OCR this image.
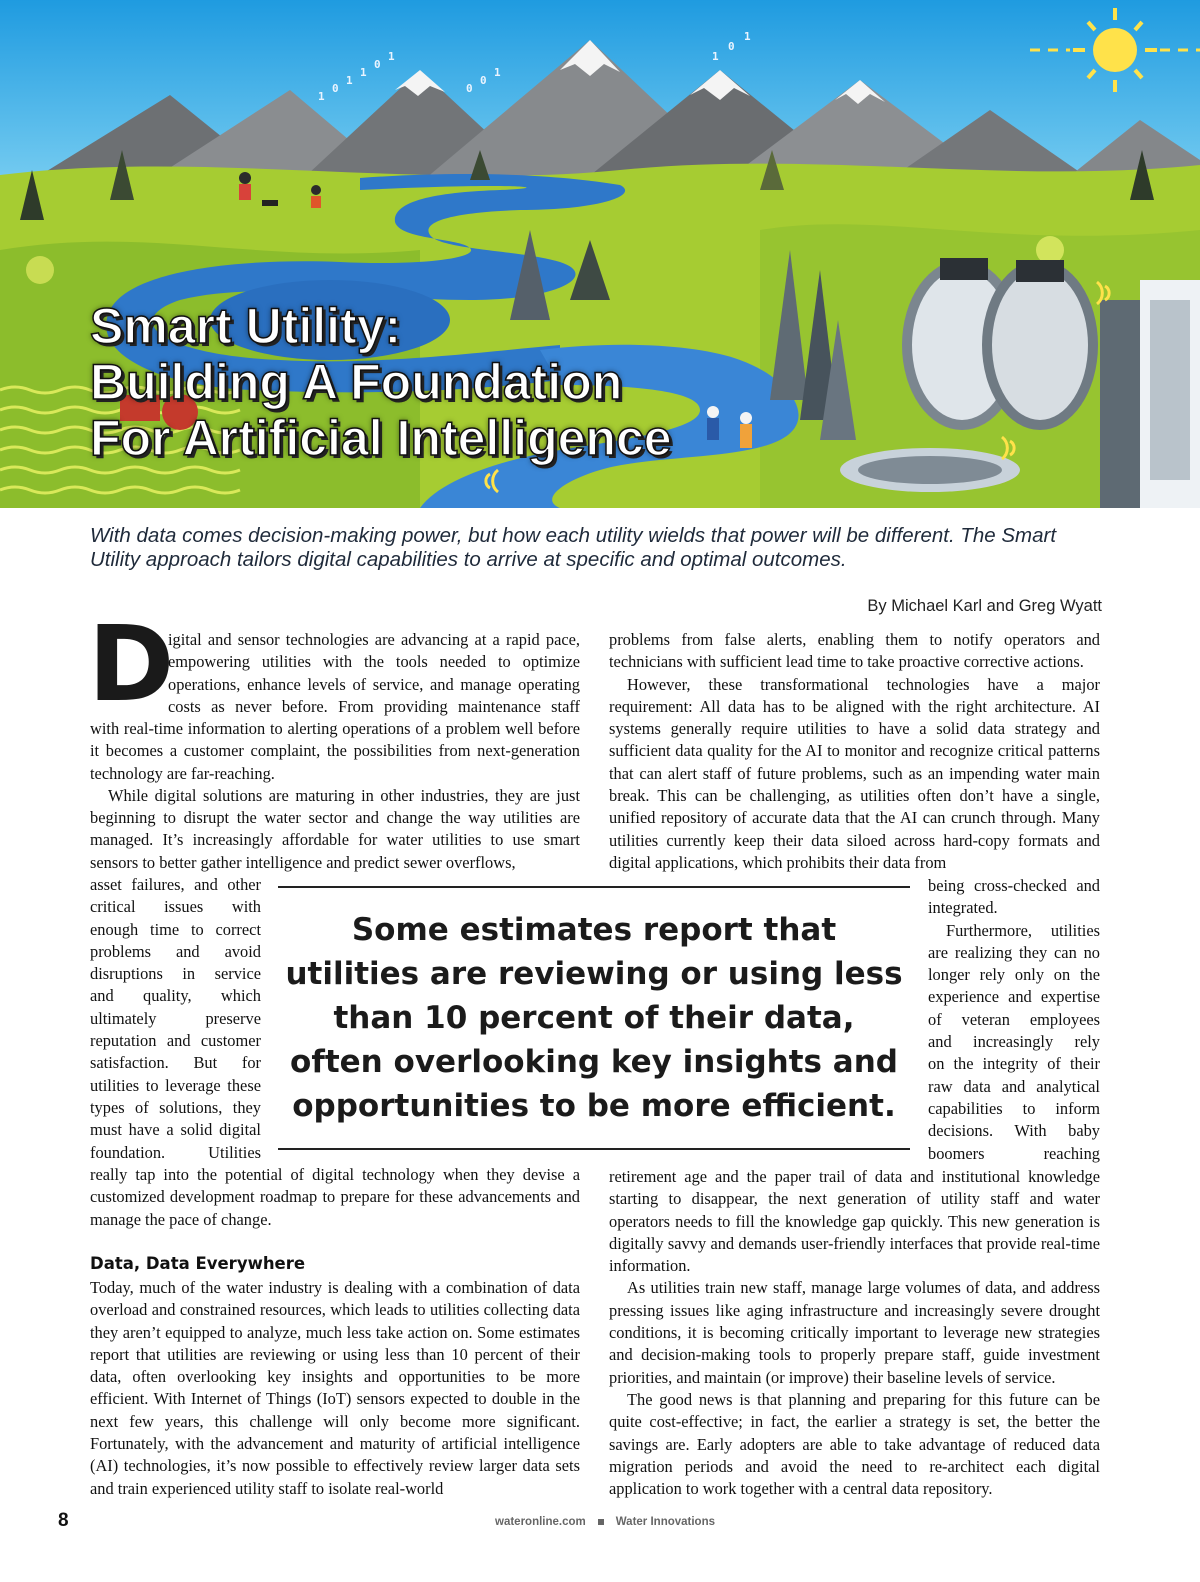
1
0
1
1
0
1
0
0
1
1
0
1
Smart Utility:
Building A Foundation
For Artificial Intelligence
With data comes decision-making power, but how each utility wields that power will be different. The Smart Utility approach tailors digital capabilities to arrive at specific and optimal outcomes.
By Michael Karl and Greg Wyatt
D

igital and sensor technologies are advancing at a rapid pace,

empowering utilities with the tools needed to optimize

operations, enhance levels of service, and manage operating

costs as never before. From providing maintenance staff

with real-time information to alerting operations of a problem well before it becomes a customer complaint, the possibilities from next-generation technology are far-reaching.

While digital solutions are maturing in other industries, they are just beginning to disrupt the water sector and change the way utilities are managed. It’s increasingly affordable for water utilities to use smart sensors to better gather intelligence and predict sewer overflows,

asset failures, and other

critical issues with

enough time to correct

problems and avoid

disruptions in service

and quality, which

ultimately preserve

reputation and customer

satisfaction. But for

utilities to leverage these

types of solutions, they

must have a solid digital

foundation. Utilities

really tap into the potential of digital technology when they devise a customized development roadmap to prepare for these advancements and manage the pace of change.

Data, Data Everywhere

Today, much of the water industry is dealing with a combination of data overload and constrained resources, which leads to utilities collecting data they aren’t equipped to analyze, much less take action on. Some estimates report that utilities are reviewing or using less than 10 percent of their data, often overlooking key insights and opportunities to be more efficient. With Internet of Things (IoT) sensors expected to double in the next few years, this challenge will only become more significant. Fortunately, with the advancement and maturity of artificial intelligence (AI) technologies, it’s now possible to effectively review larger data sets and train experienced utility staff to isolate real-world

problems from false alerts, enabling them to notify operators and technicians with sufficient lead time to take proactive corrective actions.

However, these transformational technologies have a major requirement: All data has to be aligned with the right architecture. AI systems generally require utilities to have a solid data strategy and sufficient data quality for the AI to monitor and recognize critical patterns that can alert staff of future problems, such as an impending water main break. This can be challenging, as utilities often don’t have a single, unified repository of accurate data that the AI can crunch through. Many utilities currently keep their data siloed across hard-copy formats and digital applications, which prohibits their data from

being cross-checked and

integrated.

Furthermore, utilities

are realizing they can no

longer rely only on the

experience and expertise

of veteran employees

and increasingly rely

on the integrity of their

raw data and analytical

capabilities to inform

decisions. With baby

boomers reaching

retirement age and the paper trail of data and institutional knowledge starting to disappear, the next generation of utility staff and water operators needs to fill the knowledge gap quickly. This new generation is digitally savvy and demands user-friendly interfaces that provide real-time information.

As utilities train new staff, manage large volumes of data, and address pressing issues like aging infrastructure and increasingly severe drought conditions, it is becoming critically important to leverage new strategies and decision-making tools to properly prepare staff, guide investment priorities, and maintain (or improve) their baseline levels of service.

The good news is that planning and preparing for this future can be quite cost-effective; in fact, the earlier a strategy is set, the better the savings are. Early adopters are able to take advantage of reduced data migration periods and avoid the need to re-architect each digital application to work together with a central data repository.

Some estimates report that utilities are reviewing or using less than 10 percent of their data, often overlooking key insights and opportunities to be more efficient.
8	wateronline.com	Water Innovations
